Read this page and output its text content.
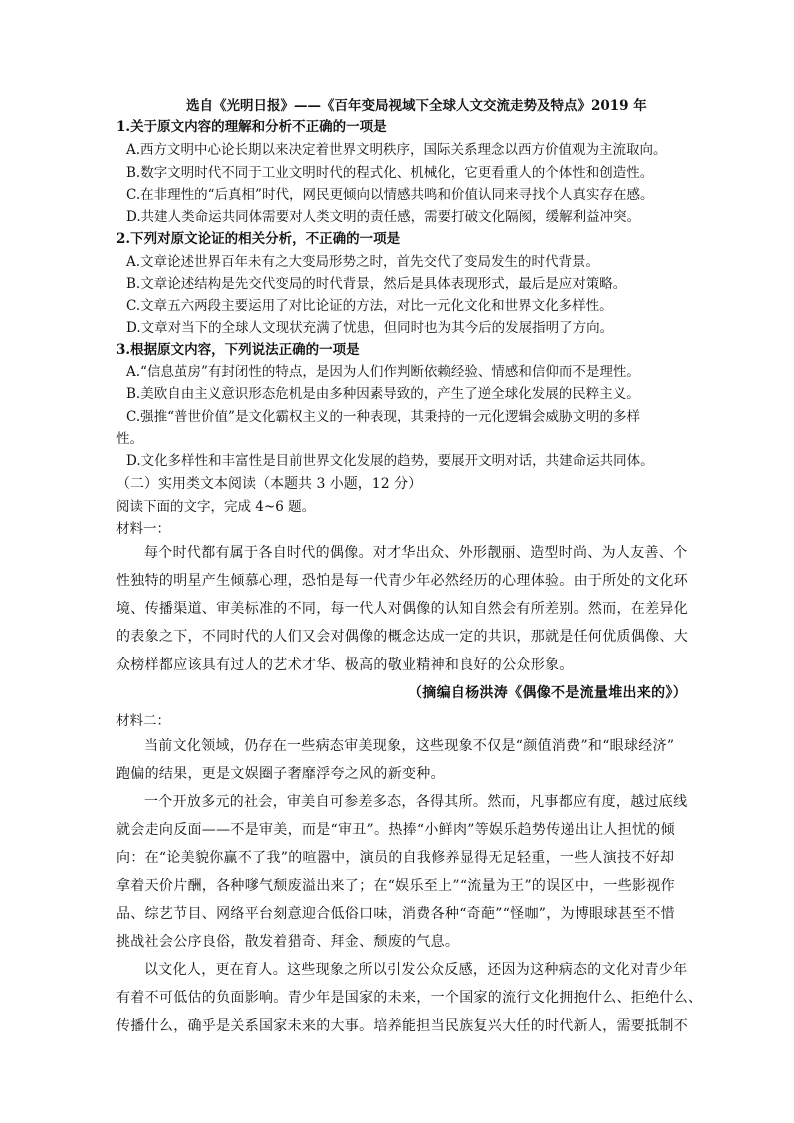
选自《光明日报》——《百年变局视域下全球人文交流走势及特点》2019 年
1.关于原文内容的理解和分析不正确的一项是
A.西方文明中心论长期以来决定着世界文明秩序，国际关系理念以西方价值观为主流取向。
B.数字文明时代不同于工业文明时代的程式化、机械化，它更看重人的个体性和创造性。
C.在非理性的“后真相”时代，网民更倾向以情感共鸣和价值认同来寻找个人真实存在感。
D.共建人类命运共同体需要对人类文明的责任感，需要打破文化隔阂，缓解利益冲突。
2.下列对原文论证的相关分析，不正确的一项是
A.文章论述世界百年未有之大变局形势之时，首先交代了变局发生的时代背景。
B.文章论述结构是先交代变局的时代背景，然后是具体表现形式，最后是应对策略。
C.文章五六两段主要运用了对比论证的方法，对比一元化文化和世界文化多样性。
D.文章对当下的全球人文现状充满了忧患，但同时也为其今后的发展指明了方向。
3.根据原文内容，下列说法正确的一项是
A.“信息茧房”有封闭性的特点，是因为人们作判断依赖经验、情感和信仰而不是理性。
B.美欧自由主义意识形态危机是由多种因素导致的，产生了逆全球化发展的民粹主义。
C.强推“普世价值”是文化霸权主义的一种表现，其秉持的一元化逻辑会威胁文明的多样
性。
D.文化多样性和丰富性是目前世界文化发展的趋势，要展开文明对话，共建命运共同体。
（二）实用类文本阅读（本题共 3 小题，12 分）
阅读下面的文字，完成 4~6 题。
材料一：
每个时代都有属于各自时代的偶像。对才华出众、外形靓丽、造型时尚、为人友善、个
性独特的明星产生倾慕心理，恐怕是每一代青少年必然经历的心理体验。由于所处的文化环
境、传播渠道、审美标准的不同，每一代人对偶像的认知自然会有所差别。然而，在差异化
的表象之下，不同时代的人们又会对偶像的概念达成一定的共识，那就是任何优质偶像、大
众榜样都应该具有过人的艺术才华、极高的敬业精神和良好的公众形象。
（摘编自杨洪涛《偶像不是流量堆出来的》）
材料二：
当前文化领域，仍存在一些病态审美现象，这些现象不仅是“颜值消费”和“眼球经济”
跑偏的结果，更是文娱圈子奢靡浮夸之风的新变种。
一个开放多元的社会，审美自可参差多态，各得其所。然而，凡事都应有度，越过底线
就会走向反面——不是审美，而是“审丑”。热捧“小鲜肉”等娱乐趋势传递出让人担忧的倾
向：在“论美貌你赢不了我”的喧嚣中，演员的自我修养显得无足轻重，一些人演技不好却
拿着天价片酬，各种嗲气颓废溢出来了；在“娱乐至上”“流量为王”的误区中，一些影视作
品、综艺节目、网络平台刻意迎合低俗口味，消费各种“奇葩”“怪咖”，为博眼球甚至不惜
挑战社会公序良俗，散发着猎奇、拜金、颓废的气息。
以文化人，更在育人。这些现象之所以引发公众反感，还因为这种病态的文化对青少年
有着不可低估的负面影响。青少年是国家的未来，一个国家的流行文化拥抱什么、拒绝什么、
传播什么，确乎是关系国家未来的大事。培养能担当民族复兴大任的时代新人，需要抵制不
